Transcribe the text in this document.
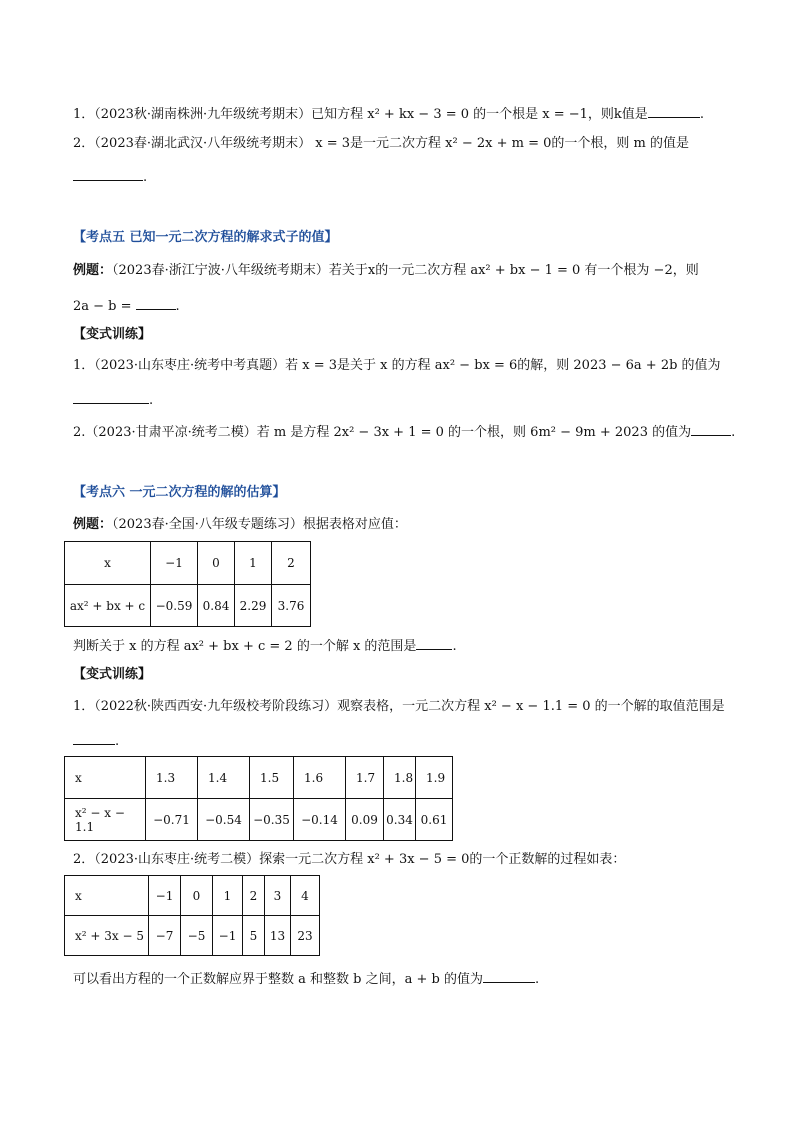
1．（2023秋·湖南株洲·九年级统考期末）已知方程 x² + kx − 3 = 0 的一个根是 x = −1，则k值是	.
2．（2023春·湖北武汉·八年级统考期末） x = 3是一元二次方程 x² − 2x + m = 0的一个根，则 m 的值是
.
【考点五 已知一元二次方程的解求式子的值】
例题：（2023春·浙江宁波·八年级统考期末）若关于x的一元二次方程 ax² + bx − 1 = 0 有一个根为 −2，则
2a − b =	.
【变式训练】
1．（2023·山东枣庄·统考中考真题）若 x = 3是关于 x 的方程 ax² − bx = 6的解，则 2023 − 6a + 2b 的值为
.
2.（2023·甘肃平凉·统考二模）若 m 是方程 2x² − 3x + 1 = 0 的一个根，则 6m² − 9m + 2023 的值为	.
【考点六 一元二次方程的解的估算】
例题：（2023春·全国·八年级专题练习）根据表格对应值：
x	−1	0	1	2
ax² + bx + c	−0.59	0.84	2.29	3.76
判断关于 x 的方程 ax² + bx + c = 2 的一个解 x 的范围是	.
【变式训练】
1．（2022秋·陕西西安·九年级校考阶段练习）观察表格，一元二次方程 x² − x − 1.1 = 0 的一个解的取值范围是
.
x	1.3	1.4	1.5	1.6	1.7	1.8	1.9
x² − x − 1.1	−0.71	−0.54	−0.35	−0.14	0.09	0.34	0.61
2．（2023·山东枣庄·统考二模）探索一元二次方程 x² + 3x − 5 = 0的一个正数解的过程如表：
x	−1	0	1	2	3	4
x² + 3x − 5	−7	−5	−1	5	13	23
可以看出方程的一个正数解应界于整数 a 和整数 b 之间，a + b 的值为	.
